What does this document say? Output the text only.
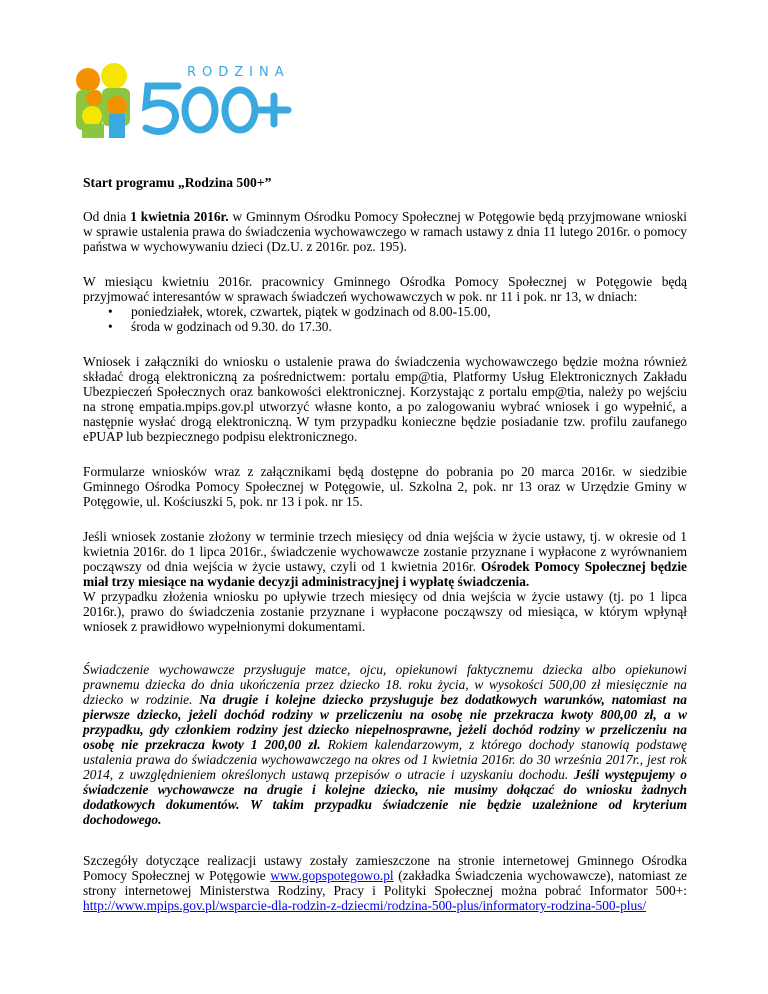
RODZINA
Start programu „Rodzina 500+”

Od dnia 1 kwietnia 2016r. w Gminnym Ośrodku Pomocy Społecznej w Potęgowie będą przyjmowane wnioski w sprawie ustalenia prawa do świadczenia wychowawczego w ramach ustawy z dnia 11 lutego 2016r. o pomocy państwa w wychowywaniu dzieci (Dz.U. z 2016r. poz. 195).

W miesiącu kwietniu 2016r. pracownicy Gminnego Ośrodka Pomocy Społecznej w Potęgowie będą przyjmować interesantów w sprawach świadczeń wychowawczych w pok. nr 11 i pok. nr 13, w dniach:

• poniedziałek, wtorek, czwartek, piątek w godzinach od 8.00-15.00,
• środa w godzinach od 9.30. do 17.30.

Wniosek i załączniki do wniosku o ustalenie prawa do świadczenia wychowawczego będzie można również składać drogą elektroniczną za pośrednictwem: portalu emp@tia, Platformy Usług Elektronicznych Zakładu Ubezpieczeń Społecznych oraz bankowości elektronicznej. Korzystając z portalu emp@tia, należy po wejściu na stronę empatia.mpips.gov.pl utworzyć własne konto, a po zalogowaniu wybrać wniosek i go wypełnić, a następnie wysłać drogą elektroniczną. W tym przypadku konieczne będzie posiadanie tzw. profilu zaufanego ePUAP lub bezpiecznego podpisu elektronicznego.

Formularze wniosków wraz z załącznikami będą dostępne do pobrania po 20 marca 2016r. w siedzibie Gminnego Ośrodka Pomocy Społecznej w Potęgowie, ul. Szkolna 2, pok. nr 13 oraz w Urzędzie Gminy w Potęgowie, ul. Kościuszki 5, pok. nr 13 i pok. nr 15.

Jeśli wniosek zostanie złożony w terminie trzech miesięcy od dnia wejścia w życie ustawy, tj. w okresie od 1 kwietnia 2016r. do 1 lipca 2016r., świadczenie wychowawcze zostanie przyznane i wypłacone z wyrównaniem począwszy od dnia wejścia w życie ustawy, czyli od 1 kwietnia 2016r. Ośrodek Pomocy Społecznej będzie miał trzy miesiące na wydanie decyzji administracyjnej i wypłatę świadczenia.
W przypadku złożenia wniosku po upływie trzech miesięcy od dnia wejścia w życie ustawy (tj. po 1 lipca 2016r.), prawo do świadczenia zostanie przyznane i wypłacone począwszy od miesiąca, w którym wpłynął wniosek z prawidłowo wypełnionymi dokumentami.

Świadczenie wychowawcze przysługuje matce, ojcu, opiekunowi faktycznemu dziecka albo opiekunowi prawnemu dziecka do dnia ukończenia przez dziecko 18. roku życia, w wysokości 500,00 zł miesięcznie na dziecko w rodzinie. Na drugie i kolejne dziecko przysługuje bez dodatkowych warunków, natomiast na pierwsze dziecko, jeżeli dochód rodziny w przeliczeniu na osobę nie przekracza kwoty 800,00 zł, a w przypadku, gdy członkiem rodziny jest dziecko niepełnosprawne, jeżeli dochód rodziny w przeliczeniu na osobę nie przekracza kwoty 1 200,00 zł. Rokiem kalendarzowym, z którego dochody stanowią podstawę ustalenia prawa do świadczenia wychowawczego na okres od 1 kwietnia 2016r. do 30 września 2017r., jest rok 2014, z uwzględnieniem określonych ustawą przepisów o utracie i uzyskaniu dochodu. Jeśli występujemy o świadczenie wychowawcze na drugie i kolejne dziecko, nie musimy dołączać do wniosku żadnych dodatkowych dokumentów. W takim przypadku świadczenie nie będzie uzależnione od kryterium dochodowego.

Szczegóły dotyczące realizacji ustawy zostały zamieszczone na stronie internetowej Gminnego Ośrodka Pomocy Społecznej w Potęgowie www.gopspotegowo.pl (zakładka Świadczenia wychowawcze), natomiast ze strony internetowej Ministerstwa Rodziny, Pracy i Polityki Społecznej można pobrać Informator 500+: http://www.mpips.gov.pl/wsparcie-dla-rodzin-z-dziecmi/rodzina-500-plus/informatory-rodzina-500-plus/
